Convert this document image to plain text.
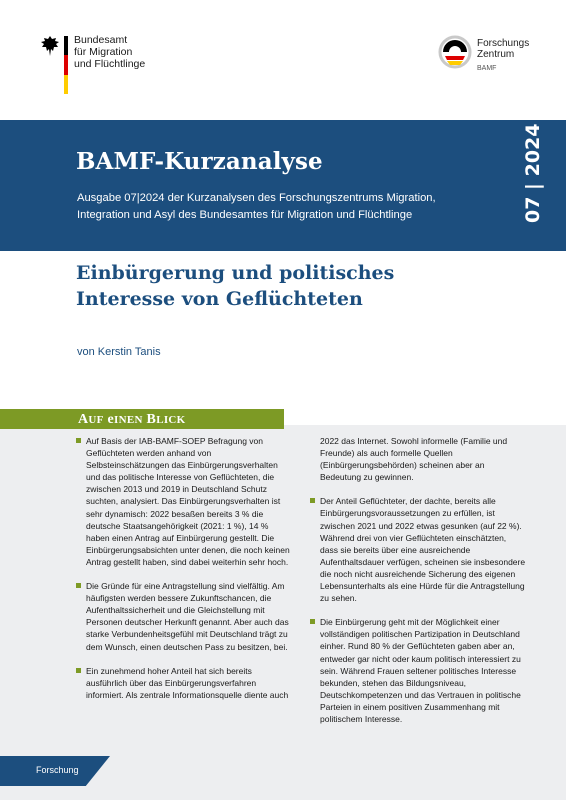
Bundesamt
für Migration
und Flüchtlinge
Forschungs
Zentrum
BAMF
BAMF-Kurzanalyse
Ausgabe 07|2024 der Kurzanalysen des Forschungszentrums Migration, Integration und Asyl des Bundesamtes für Migration und Flüchtlinge	07 | 2024
Einbürgerung und politisches Interesse von Geflüchteten
von Kerstin Tanis
AUF eINEN BLICK
Auf Basis der IAB-BAMF-SOEP Befragung von Geflüchteten werden anhand von Selbsteinschätzungen das Einbürgerungsverhalten und das politische Interesse von Geflüchteten, die zwischen 2013 und 2019 in Deutschland Schutz suchten, analysiert. Das Einbürgerungsverhalten ist sehr dynamisch: 2022 besaßen bereits 3 % die deutsche Staatsangehörigkeit (2021: 1 %), 14 % haben einen Antrag auf Einbürgerung gestellt. Die Einbürgerungsabsichten unter denen, die noch keinen Antrag gestellt haben, sind dabei weiterhin sehr hoch.
Die Gründe für eine Antragstellung sind vielfältig. Am häufigsten werden bessere Zukunftschancen, die Aufenthaltssicherheit und die Gleichstellung mit Personen deutscher Herkunft genannt. Aber auch das starke Verbundenheitsgefühl mit Deutschland trägt zu dem Wunsch, einen deutschen Pass zu besitzen, bei.
Ein zunehmend hoher Anteil hat sich bereits ausführlich über das Einbürgerungsverfahren informiert. Als zentrale Informationsquelle diente auch
2022 das Internet. Sowohl informelle (Familie und Freunde) als auch formelle Quellen (Einbürgerungsbehörden) scheinen aber an Bedeutung zu gewinnen.
Der Anteil Geflüchteter, der dachte, bereits alle Einbürgerungsvoraussetzungen zu erfüllen, ist zwischen 2021 und 2022 etwas gesunken (auf 22 %). Während drei von vier Geflüchteten einschätzten, dass sie bereits über eine ausreichende Aufenthaltsdauer verfügen, scheinen sie insbesondere die noch nicht ausreichende Sicherung des eigenen Lebensunterhalts als eine Hürde für die Antragstellung zu sehen.
Die Einbürgerung geht mit der Möglichkeit einer vollständigen politischen Partizipation in Deutschland einher. Rund 80 % der Geflüchteten gaben aber an, entweder gar nicht oder kaum politisch interessiert zu sein. Während Frauen seltener politisches Interesse bekunden, stehen das Bildungsniveau, Deutschkompetenzen und das Vertrauen in politische Parteien in einem positiven Zusammenhang mit politischem Interesse.
Forschung
